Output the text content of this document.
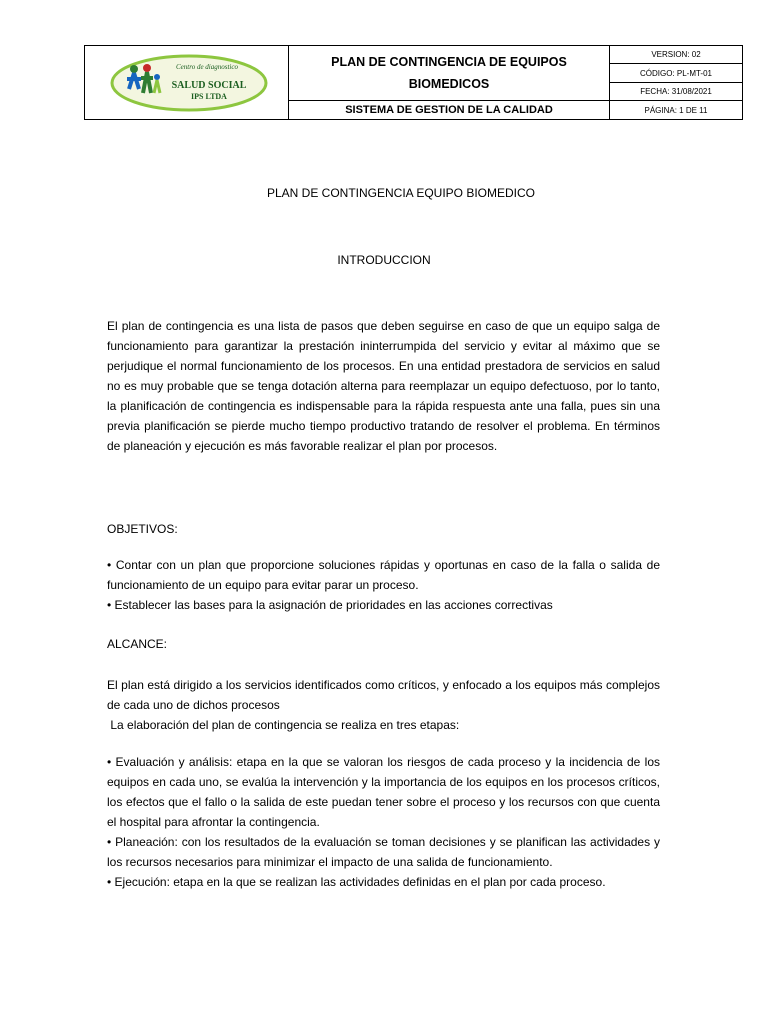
Centro de diagnostico
SALUD SOCIAL
IPS LTDA
PLAN DE CONTINGENCIA DE EQUIPOS
BIOMEDICOS
SISTEMA DE GESTION DE LA CALIDAD
VERSION: 02
CÓDIGO: PL-MT-01
FECHA: 31/08/2021
PÁGINA: 1 DE 11
PLAN DE CONTINGENCIA EQUIPO BIOMEDICO
INTRODUCCION

El plan de contingencia es una lista de pasos que deben seguirse en caso de que un equipo salga de funcionamiento para garantizar la prestación ininterrumpida del servicio y evitar al máximo que se perjudique el normal funcionamiento de los procesos. En una entidad prestadora de servicios en salud no es muy probable que se tenga dotación alterna para reemplazar un equipo defectuoso, por lo tanto, la planificación de contingencia es indispensable para la rápida respuesta ante una falla, pues sin una previa planificación se pierde mucho tiempo productivo tratando de resolver el problema. En términos de planeación y ejecución es más favorable realizar el plan por procesos.

OBJETIVOS:

• Contar con un plan que proporcione soluciones rápidas y oportunas en caso de la falla o salida de funcionamiento de un equipo para evitar parar un proceso.

• Establecer las bases para la asignación de prioridades en las acciones correctivas

ALCANCE:

El plan está dirigido a los servicios identificados como críticos, y enfocado a los equipos más complejos de cada uno de dichos procesos

La elaboración del plan de contingencia se realiza en tres etapas:

• Evaluación y análisis: etapa en la que se valoran los riesgos de cada proceso y la incidencia de los equipos en cada uno, se evalúa la intervención y la importancia de los equipos en los procesos críticos, los efectos que el fallo o la salida de este puedan tener sobre el proceso y los recursos con que cuenta el hospital para afrontar la contingencia.

• Planeación: con los resultados de la evaluación se toman decisiones y se planifican las actividades y los recursos necesarios para minimizar el impacto de una salida de funcionamiento.

• Ejecución: etapa en la que se realizan las actividades definidas en el plan por cada proceso.
